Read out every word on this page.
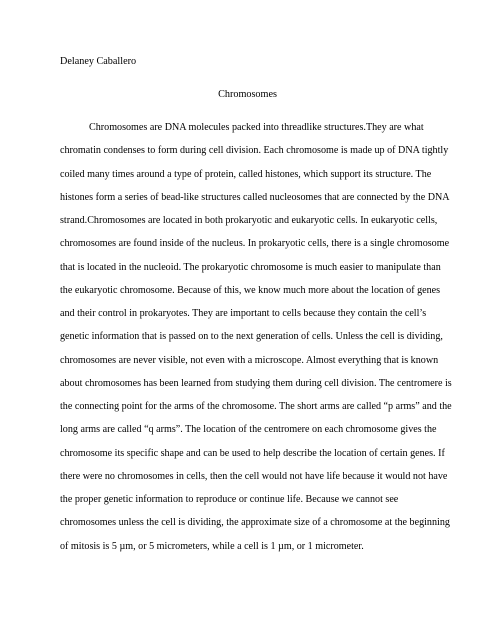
Delaney Caballero
Chromosomes
Chromosomes are DNA molecules packed into threadlike structures.They are what
chromatin condenses to form during cell division. Each chromosome is made up of DNA tightly
coiled many times around a type of protein, called histones, which support its structure. The
histones form a series of bead-like structures called nucleosomes that are connected by the DNA
strand.Chromosomes are located in both prokaryotic and eukaryotic cells. In eukaryotic cells,
chromosomes are found inside of the nucleus. In prokaryotic cells, there is a single chromosome
that is located in the nucleoid. The prokaryotic chromosome is much easier to manipulate than
the eukaryotic chromosome. Because of this, we know much more about the location of genes
and their control in prokaryotes. They are important to cells because they contain the cell’s
genetic information that is passed on to the next generation of cells. Unless the cell is dividing,
chromosomes are never visible, not even with a microscope. Almost everything that is known
about chromosomes has been learned from studying them during cell division. The centromere is
the connecting point for the arms of the chromosome. The short arms are called “p arms” and the
long arms are called “q arms”. The location of the centromere on each chromosome gives the
chromosome its specific shape and can be used to help describe the location of certain genes. If
there were no chromosomes in cells, then the cell would not have life because it would not have
the proper genetic information to reproduce or continue life. Because we cannot see
chromosomes unless the cell is dividing, the approximate size of a chromosome at the beginning
of mitosis is 5 µm, or 5 micrometers, while a cell is 1 µm, or 1 micrometer.
